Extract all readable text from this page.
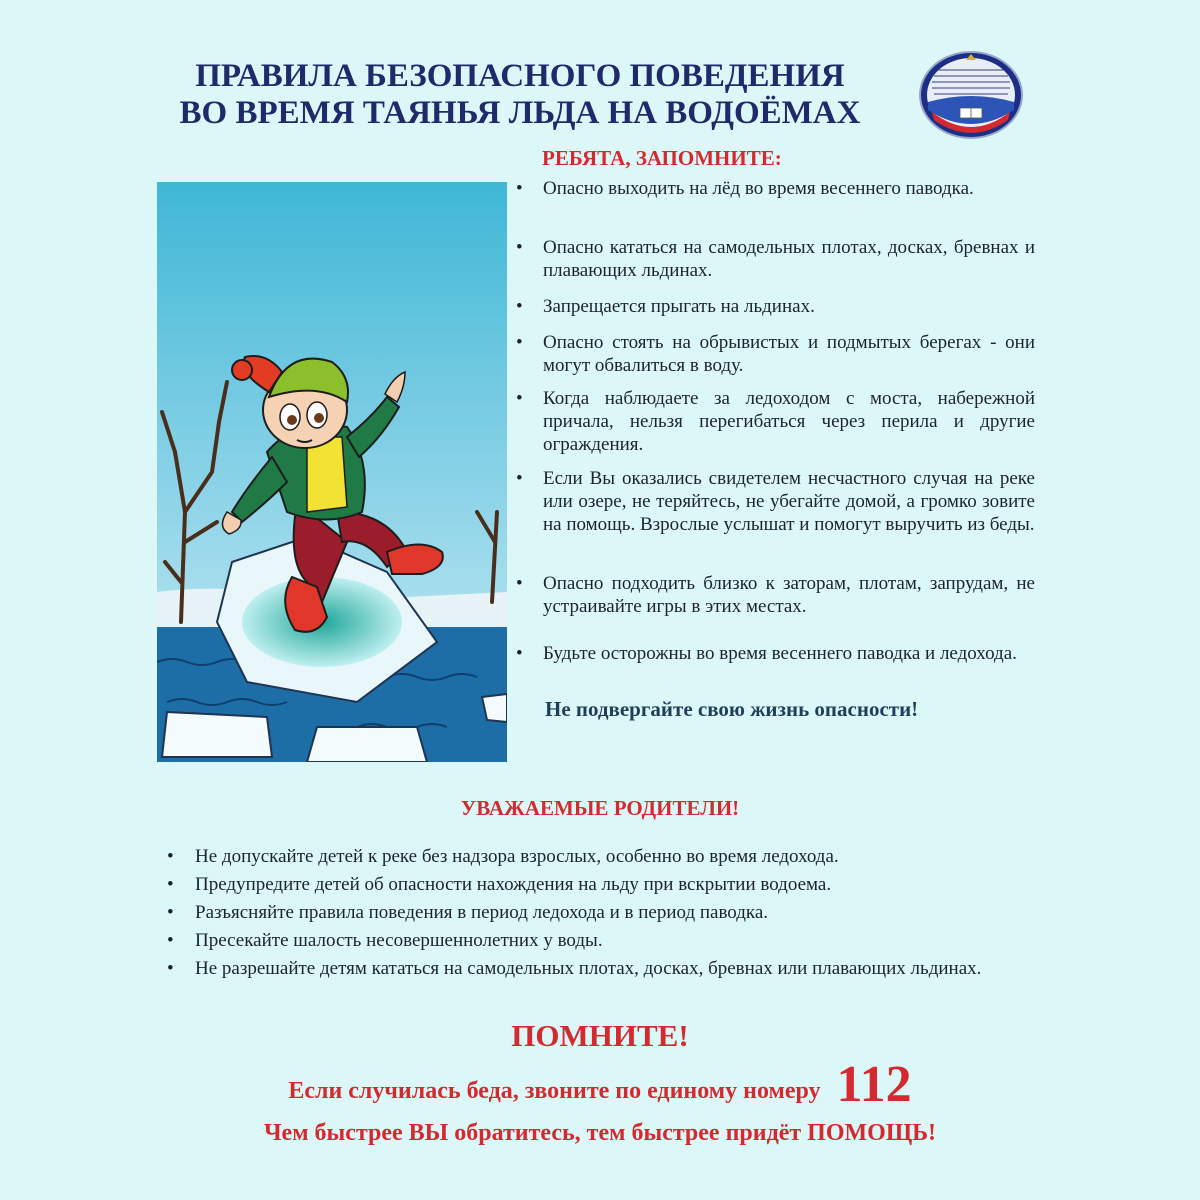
ПРАВИЛА БЕЗОПАСНОГО ПОВЕДЕНИЯ
ВО ВРЕМЯ ТАЯНЬЯ ЛЬДА НА ВОДОЁМАХ

РЕБЯТА, ЗАПОМНИТЕ:

• Опасно выходить на лёд во время весеннего паводка.
• Опасно кататься на самодельных плотах, досках, бревнах и плавающих льдинах.
• Запрещается прыгать на льдинах.
• Опасно стоять на обрывистых и подмытых берегах - они могут обвалиться в воду.
• Когда наблюдаете за ледоходом с моста, набережной причала, нельзя перегибаться через перила и другие ограждения.
• Если Вы оказались свидетелем несчастного случая на реке или озере, не теряйтесь, не убегайте домой, а громко зовите на помощь. Взрослые услышат и помогут выручить из беды.
• Опасно подходить близко к заторам, плотам, запрудам, не устраивайте игры в этих местах.
• Будьте осторожны во время весеннего паводка и ледохода.

Не подвергайте свою жизнь опасности!

УВАЖАЕМЫЕ РОДИТЕЛИ!

• Не допускайте детей к реке без надзора взрослых, особенно во время ледохода.
• Предупредите детей об опасности нахождения на льду при вскрытии водоема.
• Разъясняйте правила поведения в период ледохода и в период паводка.
• Пресекайте шалость несовершеннолетних у воды.
• Не разрешайте детям кататься на самодельных плотах, досках, бревнах или плавающих льдинах.

ПОМНИТЕ!

Если случилась беда, звоните по единому номеру 112
Чем быстрее ВЫ обратитесь, тем быстрее придёт ПОМОЩЬ!
